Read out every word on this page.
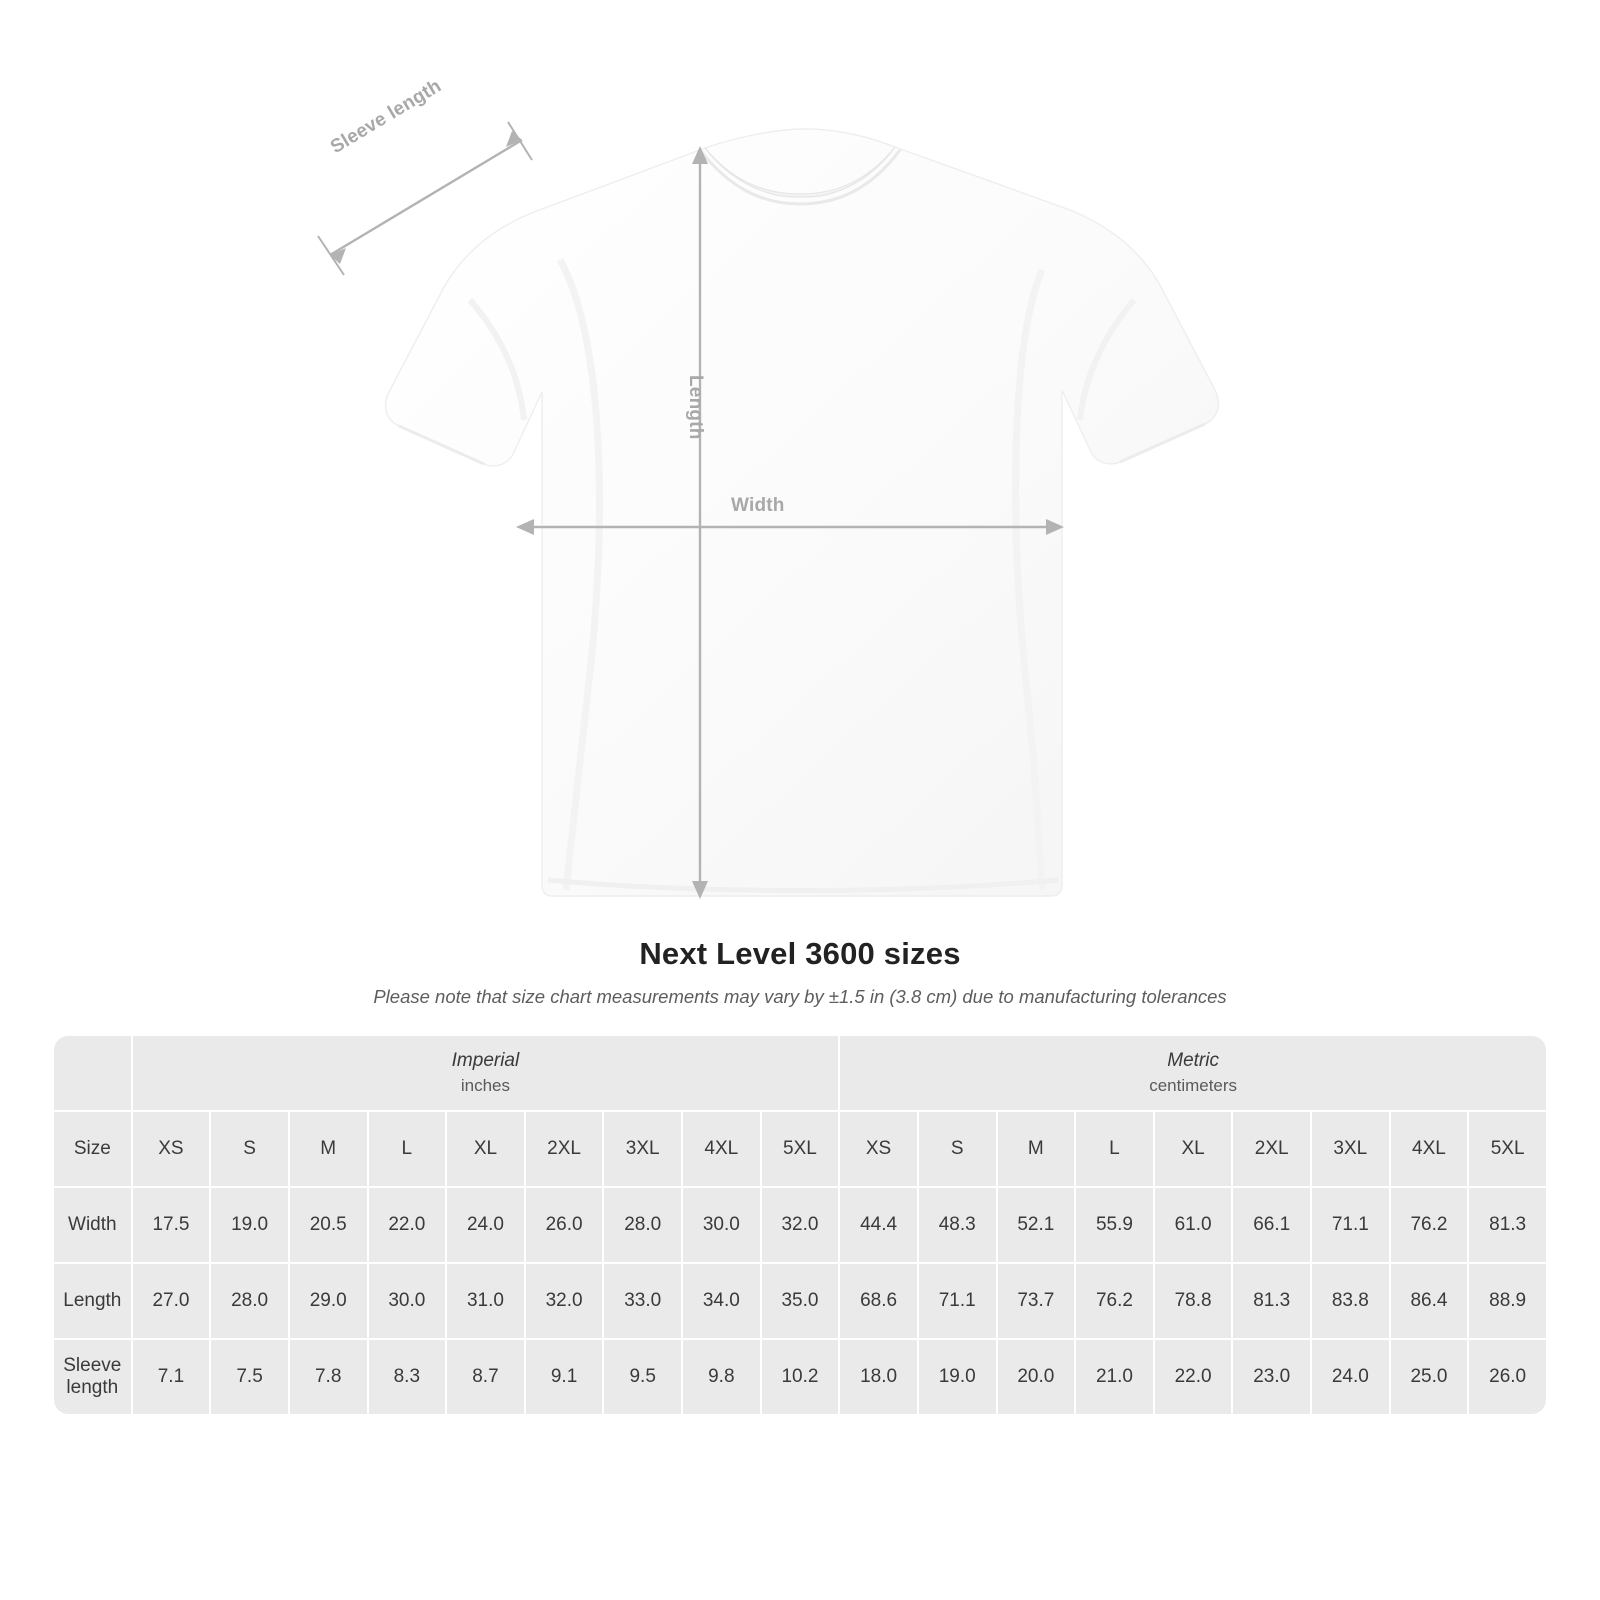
Sleeve length
Length
Width
Next Level 3600 sizes
Please note that size chart measurements may vary by ±1.5 in (3.8 cm) due to manufacturing tolerances
	Imperial
inches									Metric
centimeters								

Size	XS	S	M	L	XL	2XL	3XL	4XL	5XL	XS	S	M	L	XL	2XL	3XL	4XL	5XL
Width	17.5	19.0	20.5	22.0	24.0	26.0	28.0	30.0	32.0	44.4	48.3	52.1	55.9	61.0	66.1	71.1	76.2	81.3
Length	27.0	28.0	29.0	30.0	31.0	32.0	33.0	34.0	35.0	68.6	71.1	73.7	76.2	78.8	81.3	83.8	86.4	88.9
Sleeve length	7.1	7.5	7.8	8.3	8.7	9.1	9.5	9.8	10.2	18.0	19.0	20.0	21.0	22.0	23.0	24.0	25.0	26.0
